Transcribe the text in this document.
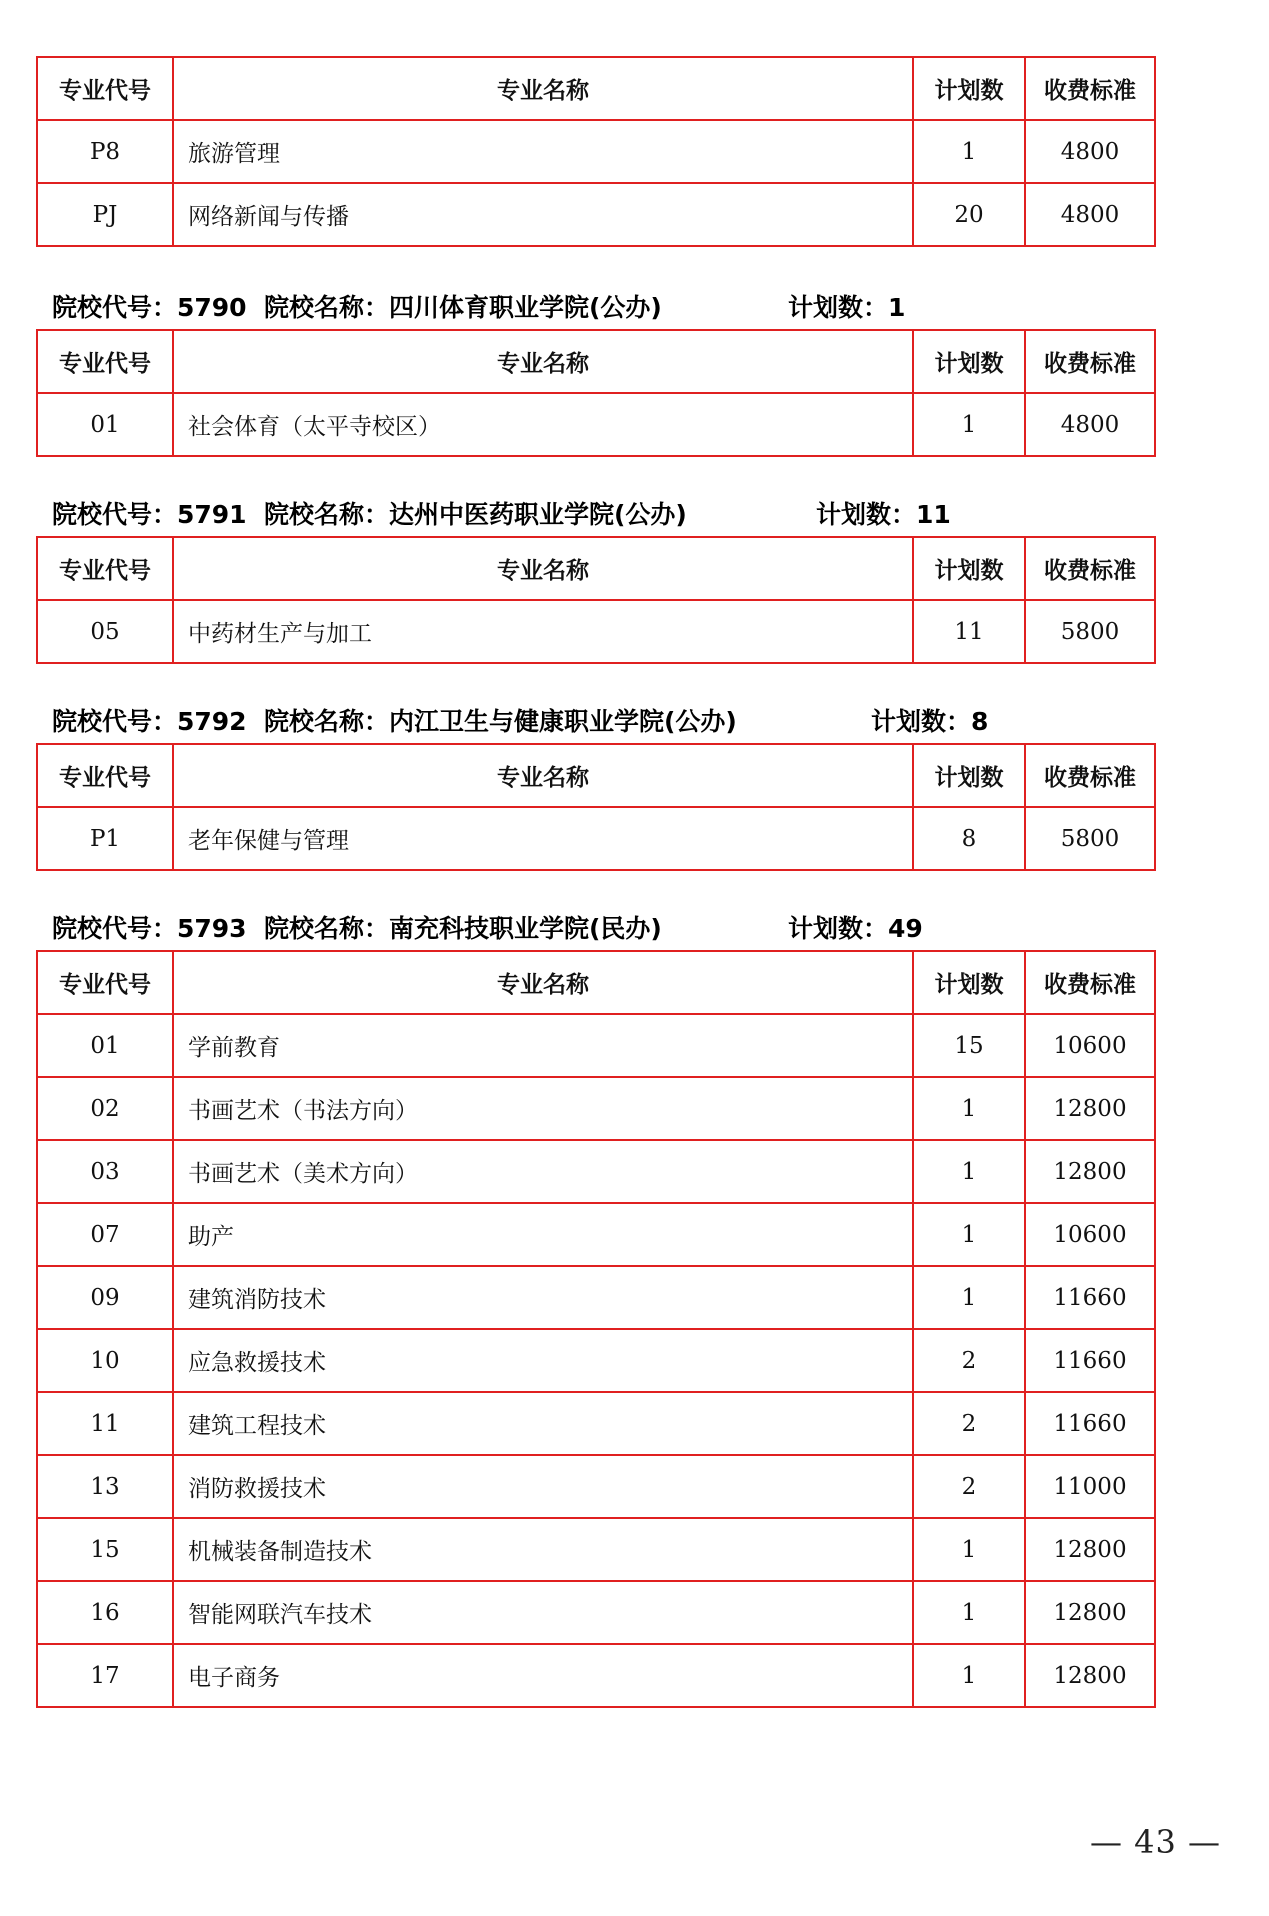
专业代号	专业名称	计划数	收费标准
P8	旅游管理	1	4800
PJ	网络新闻与传播	20	4800
院校代号：5790  院校名称：四川体育职业学院(公办)	计划数：1
专业代号	专业名称	计划数	收费标准
01	社会体育（太平寺校区）	1	4800
院校代号：5791  院校名称：达州中医药职业学院(公办)	计划数：11
专业代号	专业名称	计划数	收费标准
05	中药材生产与加工	11	5800
院校代号：5792  院校名称：内江卫生与健康职业学院(公办)	计划数：8
专业代号	专业名称	计划数	收费标准
P1	老年保健与管理	8	5800
院校代号：5793  院校名称：南充科技职业学院(民办)	计划数：49
专业代号	专业名称	计划数	收费标准
01	学前教育	15	10600
02	书画艺术（书法方向）	1	12800
03	书画艺术（美术方向）	1	12800
07	助产	1	10600
09	建筑消防技术	1	11660
10	应急救援技术	2	11660
11	建筑工程技术	2	11660
13	消防救援技术	2	11000
15	机械装备制造技术	1	12800
16	智能网联汽车技术	1	12800
17	电子商务	1	12800
— 43 —
